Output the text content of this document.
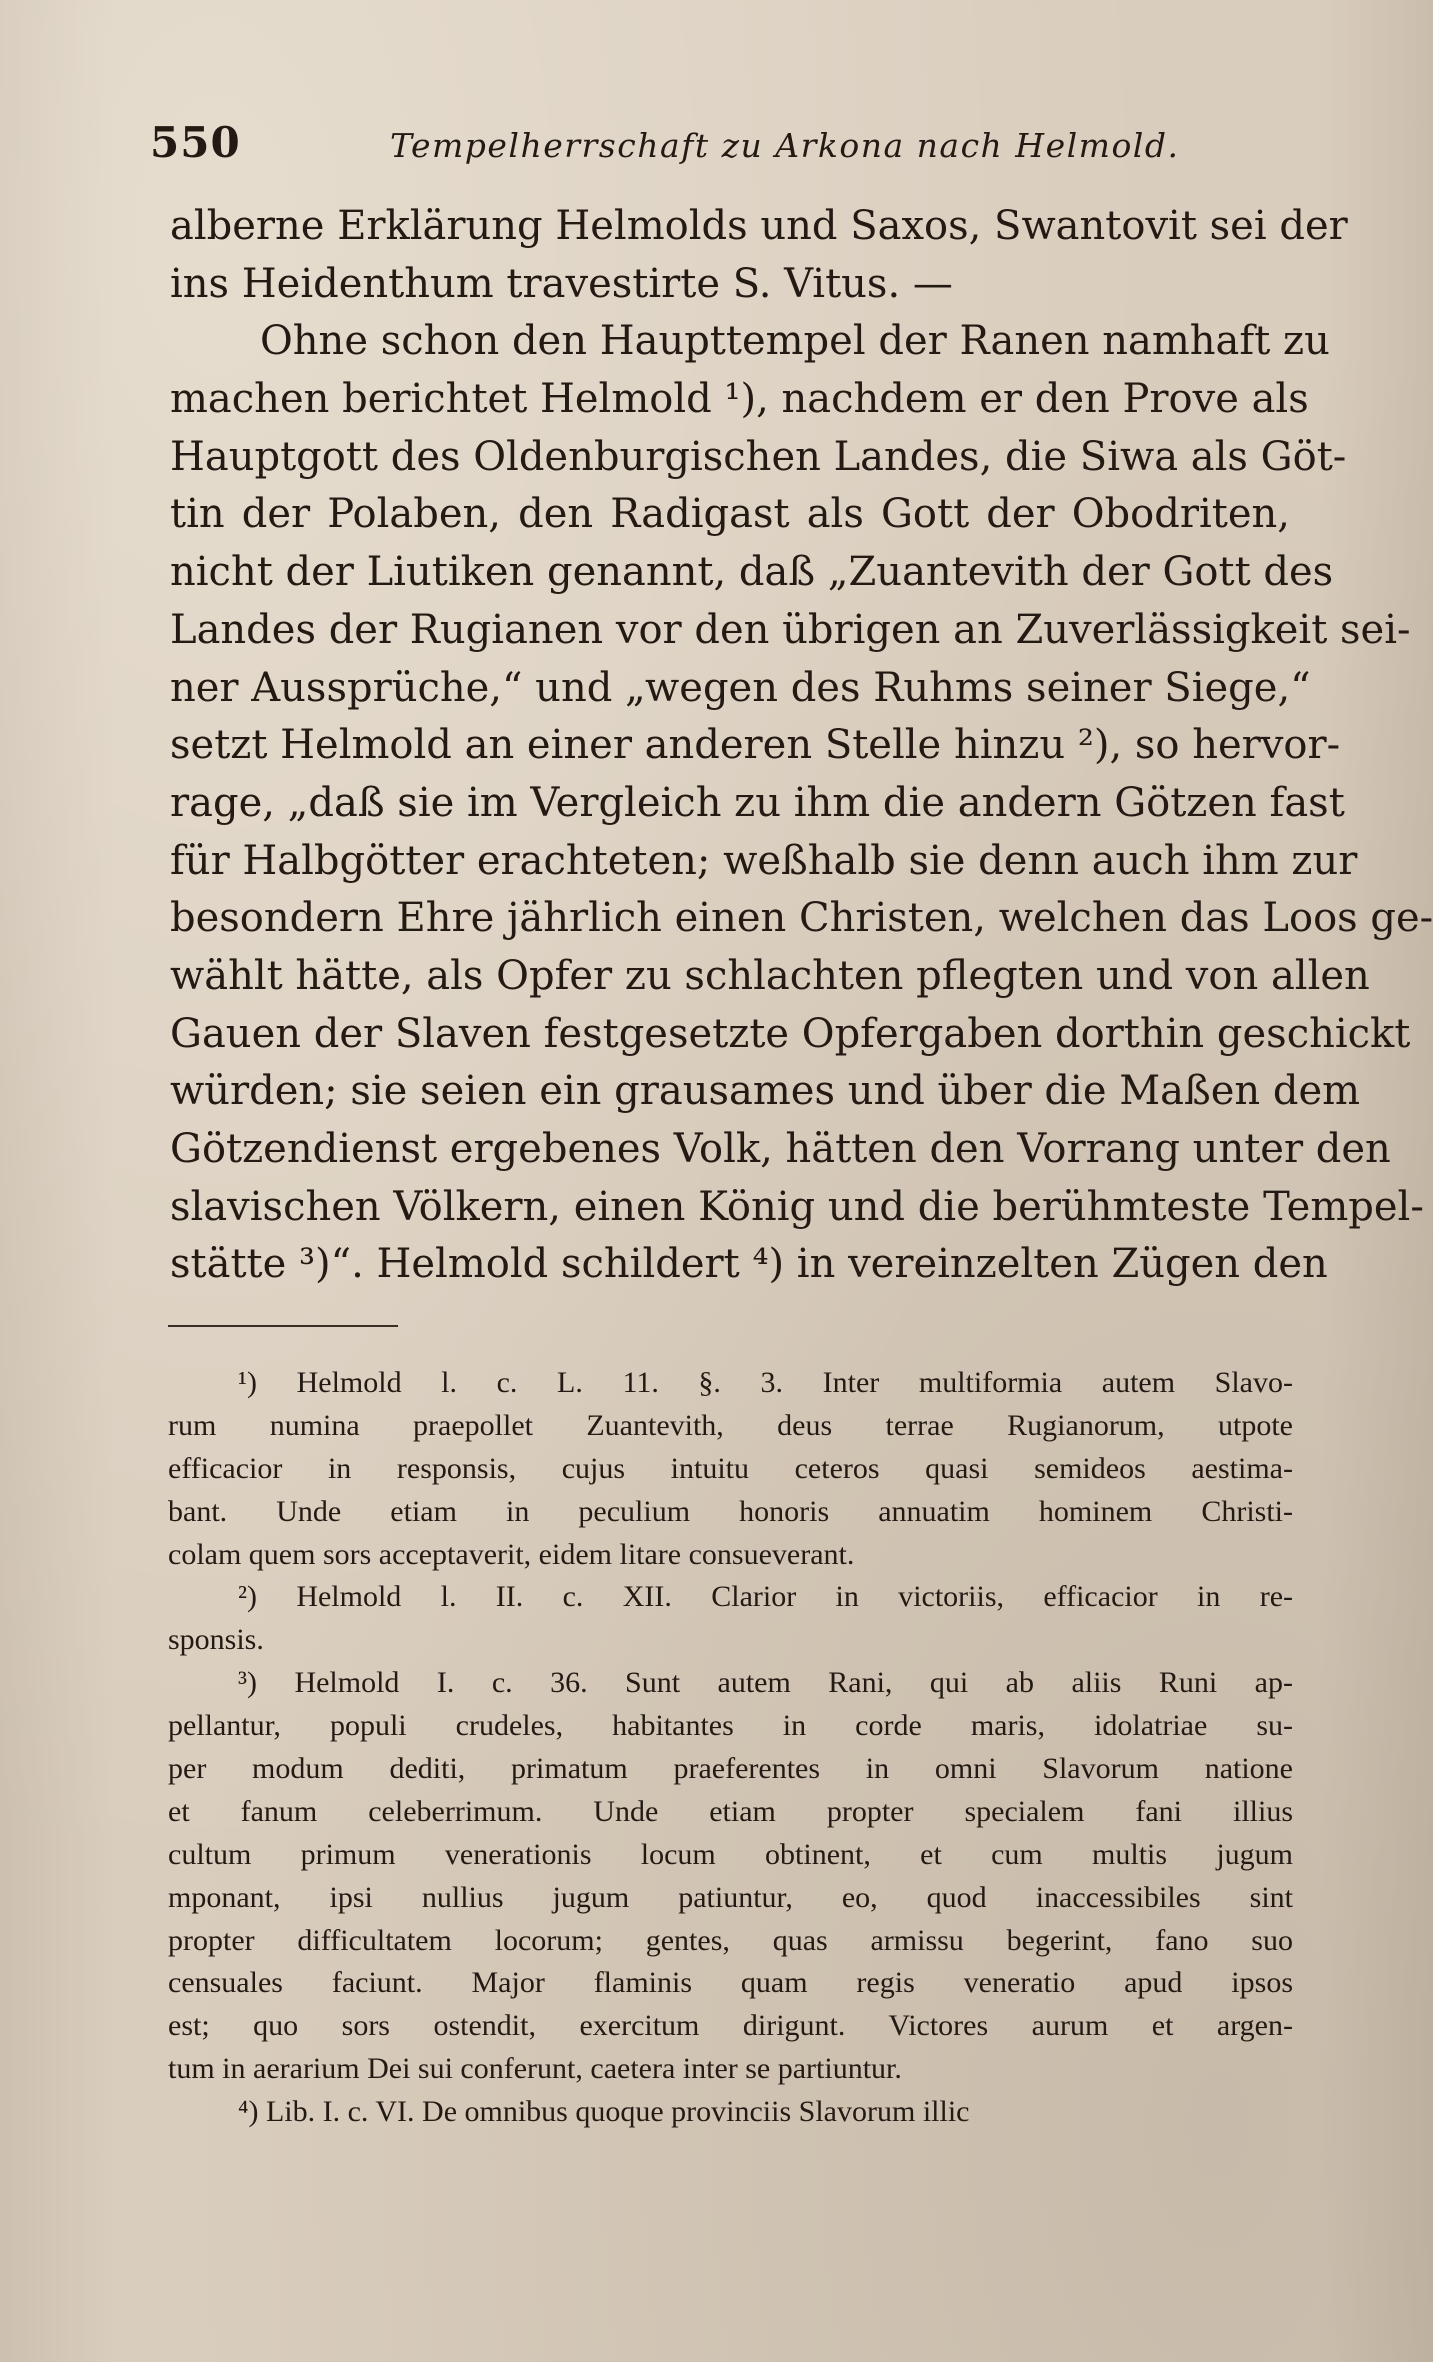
550	Tempelherrschaft zu Arkona nach Helmold.
alberne Erklärung Helmolds und Saxos, Swantovit sei der
ins Heidenthum travestirte S. Vitus. —
Ohne schon den Haupttempel der Ranen namhaft zu
machen berichtet Helmold ¹), nachdem er den Prove als
Hauptgott des Oldenburgischen Landes, die Siwa als Göt-
tin der Polaben, den Radigast als Gott der Obodriten,
nicht der Liutiken genannt, daß „Zuantevith der Gott des
Landes der Rugianen vor den übrigen an Zuverlässigkeit sei-
ner Aussprüche,“ und „wegen des Ruhms seiner Siege,“
setzt Helmold an einer anderen Stelle hinzu ²), so hervor-
rage, „daß sie im Vergleich zu ihm die andern Götzen fast
für Halbgötter erachteten; weßhalb sie denn auch ihm zur
besondern Ehre jährlich einen Christen, welchen das Loos ge-
wählt hätte, als Opfer zu schlachten pflegten und von allen
Gauen der Slaven festgesetzte Opfergaben dorthin geschickt
würden; sie seien ein grausames und über die Maßen dem
Götzendienst ergebenes Volk, hätten den Vorrang unter den
slavischen Völkern, einen König und die berühmteste Tempel-
stätte ³)“. Helmold schildert ⁴) in vereinzelten Zügen den
¹) Helmold l. c. L. 11. §. 3. Inter multiformia autem Slavo-
rum numina praepollet Zuantevith, deus terrae Rugianorum, utpote
efficacior in responsis, cujus intuitu ceteros quasi semideos aestima-
bant. Unde etiam in peculium honoris annuatim hominem Christi-
colam quem sors acceptaverit, eidem litare consueverant.
²) Helmold l. II. c. XII. Clarior in victoriis, efficacior in re-
sponsis.
³) Helmold I. c. 36. Sunt autem Rani, qui ab aliis Runi ap-
pellantur, populi crudeles, habitantes in corde maris, idolatriae su-
per modum dediti, primatum praeferentes in omni Slavorum natione
et fanum celeberrimum. Unde etiam propter specialem fani illius
cultum primum venerationis locum obtinent, et cum multis jugum
mponant, ipsi nullius jugum patiuntur, eo, quod inaccessibiles sint
propter difficultatem locorum; gentes, quas armissu begerint, fano suo
censuales faciunt. Major flaminis quam regis veneratio apud ipsos
est; quo sors ostendit, exercitum dirigunt. Victores aurum et argen-
tum in aerarium Dei sui conferunt, caetera inter se partiuntur.
⁴) Lib. I. c. VI. De omnibus quoque provinciis Slavorum illic
